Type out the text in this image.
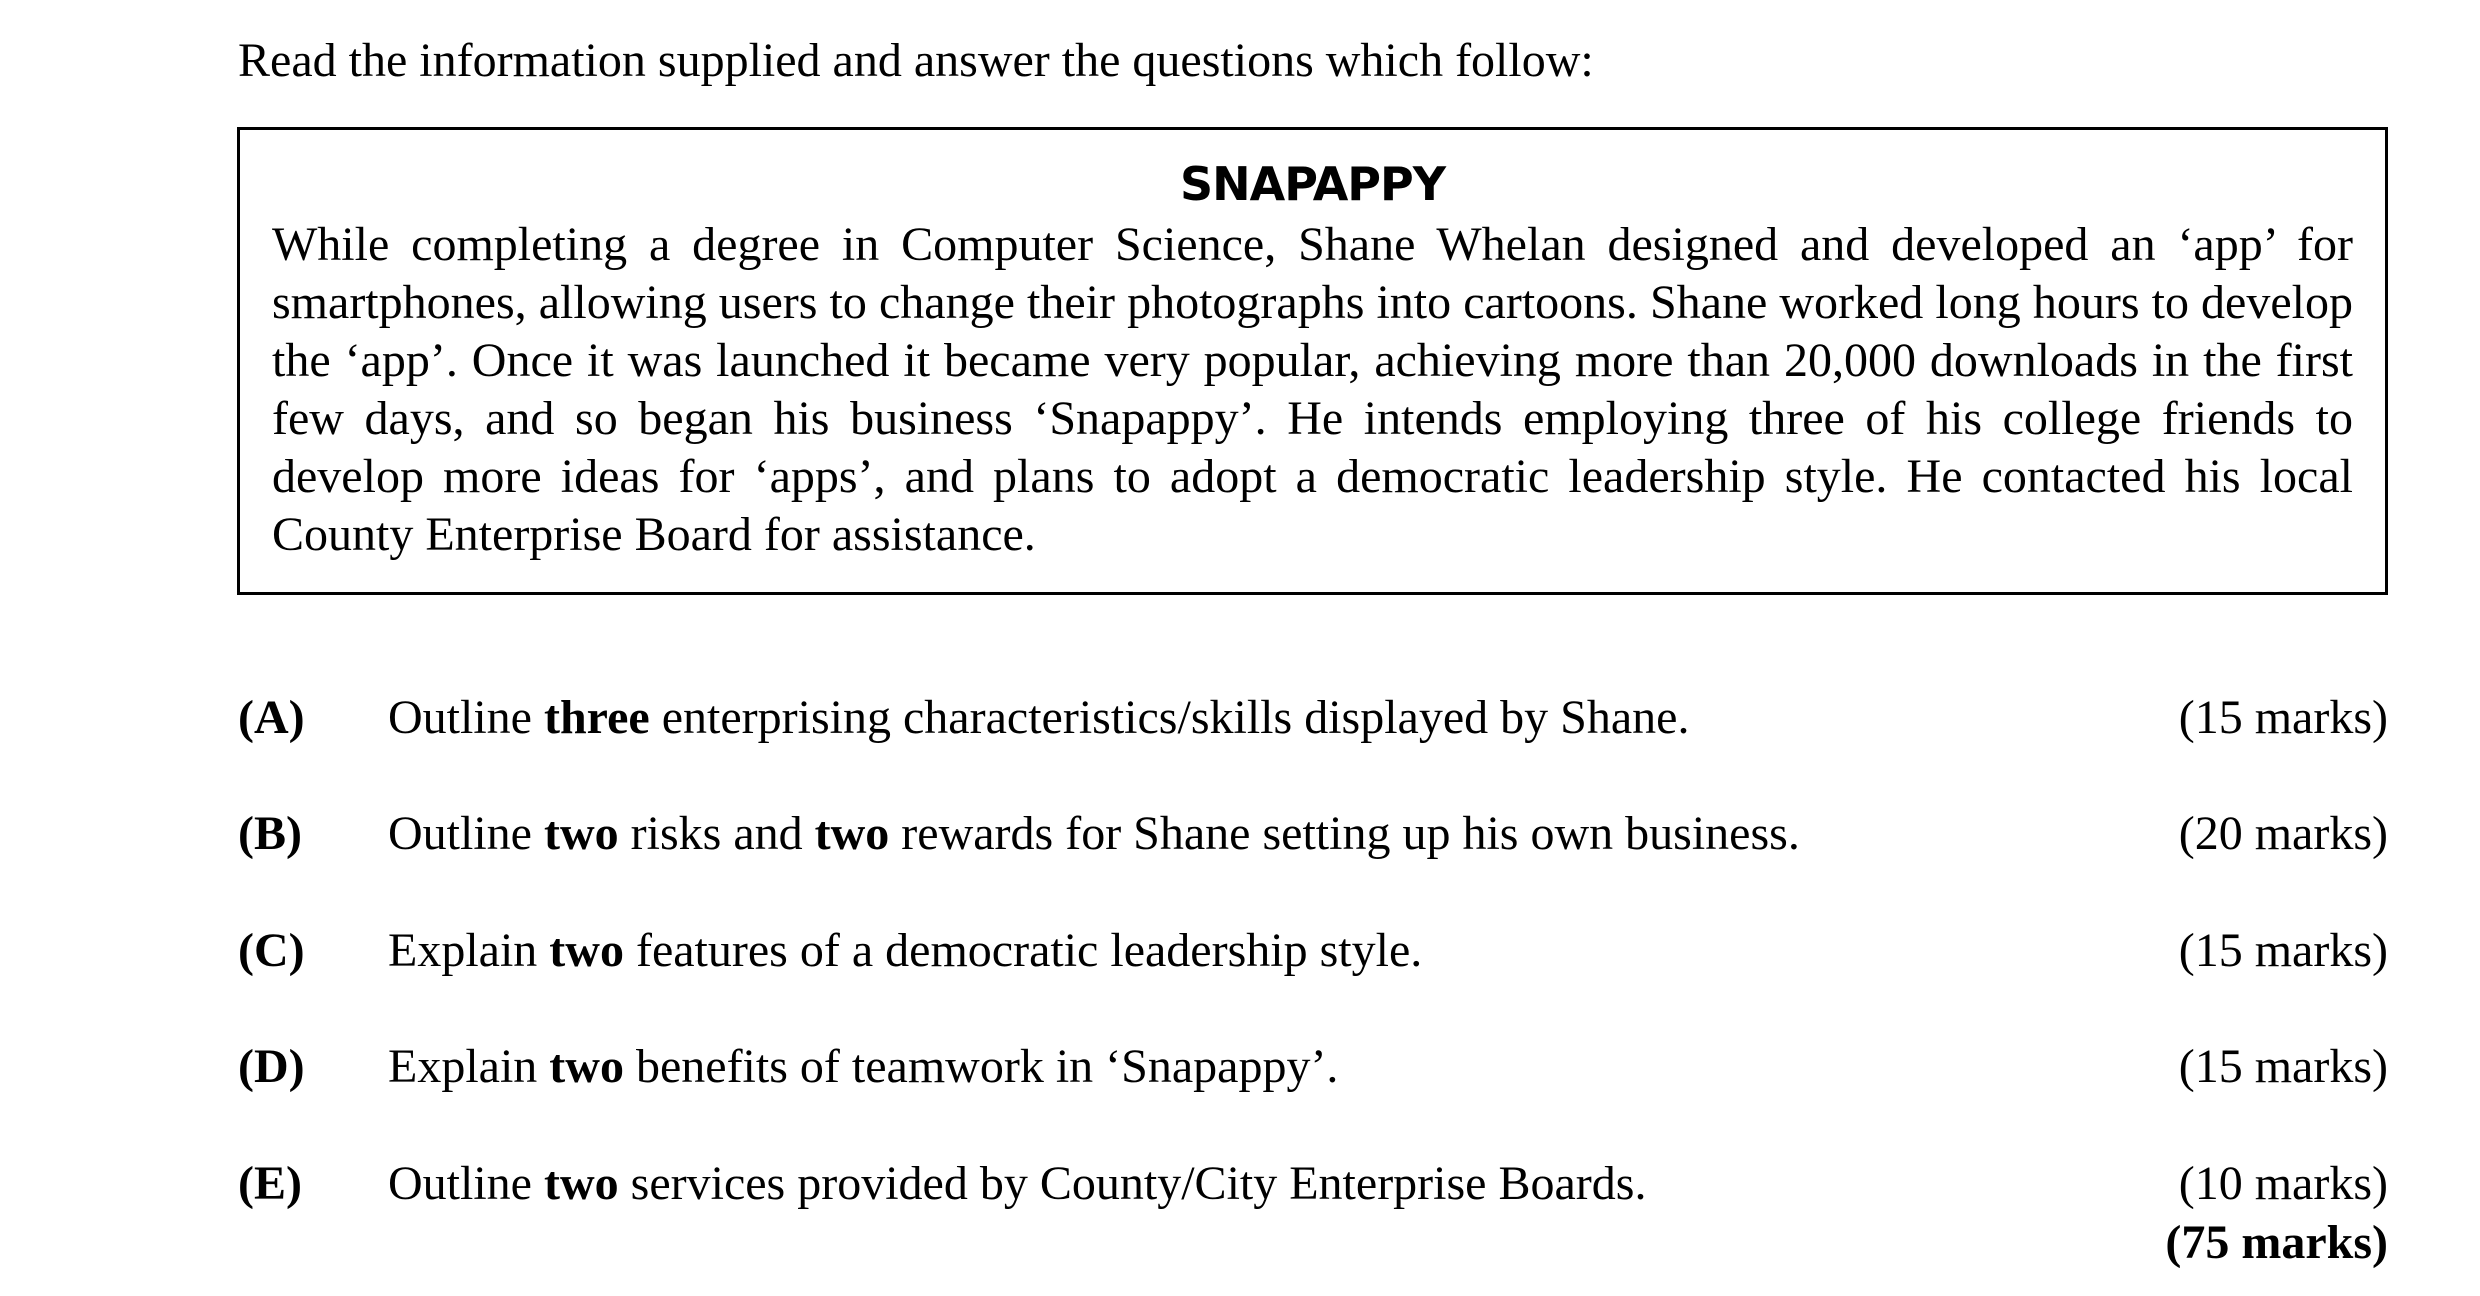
Read the information supplied and answer the questions which follow:
SNAPAPPY
While completing a degree in Computer Science, Shane Whelan designed and developed an ‘app’ for smartphones, allowing users to change their photographs into cartoons. Shane worked long hours to develop the ‘app’. Once it was launched it became very popular, achieving more than 20,000 downloads in the first few days, and so began his business ‘Snapappy’. He intends employing three of his college friends to develop more ideas for ‘apps’, and plans to adopt a democratic leadership style. He contacted his local County Enterprise Board for assistance.
(A) Outline three enterprising characteristics/skills displayed by Shane.	(15 marks)
(B) Outline two risks and two rewards for Shane setting up his own business.	(20 marks)
(C) Explain two features of a democratic leadership style.	(15 marks)
(D) Explain two benefits of teamwork in ‘Snapappy’.	(15 marks)
(E) Outline two services provided by County/City Enterprise Boards.	(10 marks)
(75 marks)
